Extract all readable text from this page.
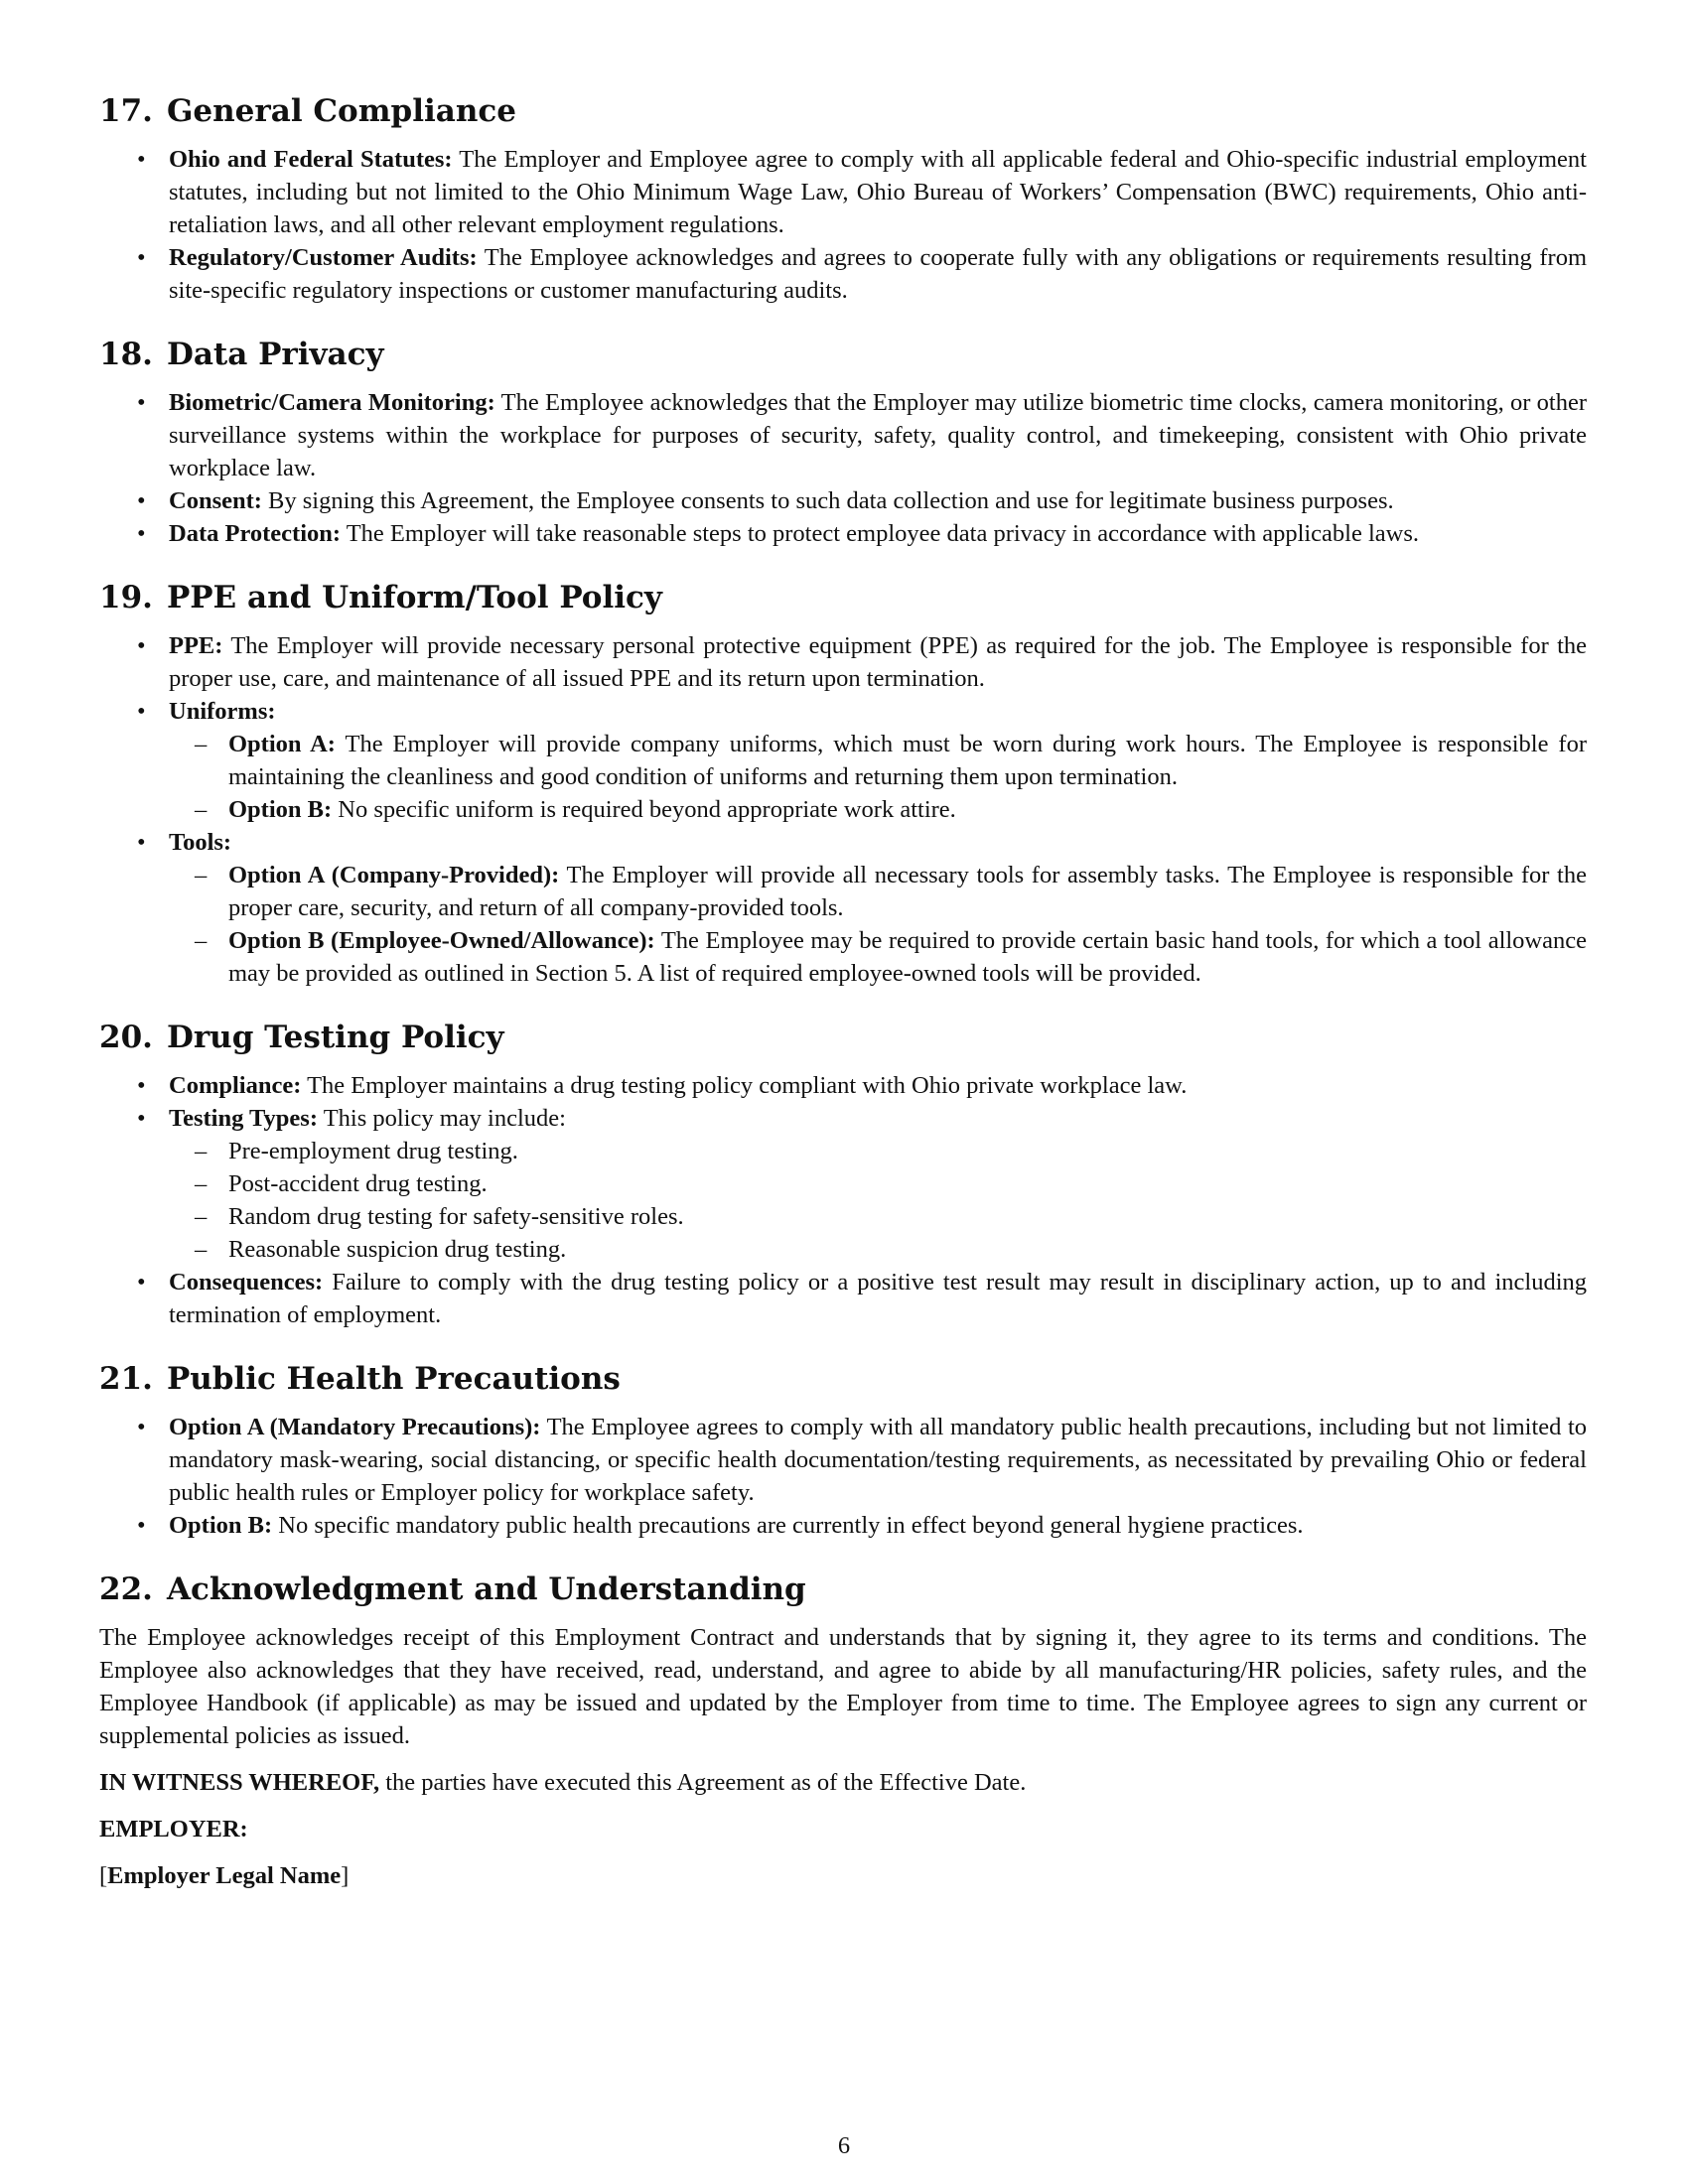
17. General Compliance
• Ohio and Federal Statutes: The Employer and Employee agree to comply with all applicable federal and Ohio-specific industrial employment statutes, including but not limited to the Ohio Minimum Wage Law, Ohio Bureau of Workers’ Compensation (BWC) requirements, Ohio anti-retaliation laws, and all other relevant employment regulations.
• Regulatory/Customer Audits: The Employee acknowledges and agrees to cooperate fully with any obligations or requirements resulting from site-specific regulatory inspections or customer manufacturing audits.
18. Data Privacy
• Biometric/Camera Monitoring: The Employee acknowledges that the Employer may utilize biometric time clocks, camera monitoring, or other surveillance systems within the workplace for purposes of security, safety, quality control, and timekeeping, consistent with Ohio private workplace law.
• Consent: By signing this Agreement, the Employee consents to such data collection and use for legitimate business purposes.
• Data Protection: The Employer will take reasonable steps to protect employee data privacy in accordance with applicable laws.
19. PPE and Uniform/Tool Policy
• PPE: The Employer will provide necessary personal protective equipment (PPE) as required for the job. The Employee is responsible for the proper use, care, and maintenance of all issued PPE and its return upon termination.
• Uniforms:
– Option A: The Employer will provide company uniforms, which must be worn during work hours. The Employee is responsible for maintaining the cleanliness and good condition of uniforms and returning them upon termination.
– Option B: No specific uniform is required beyond appropriate work attire.
• Tools:
– Option A (Company-Provided): The Employer will provide all necessary tools for assembly tasks. The Employee is responsible for the proper care, security, and return of all company-provided tools.
– Option B (Employee-Owned/Allowance): The Employee may be required to provide certain basic hand tools, for which a tool allowance may be provided as outlined in Section 5. A list of required employee-owned tools will be provided.
20. Drug Testing Policy
• Compliance: The Employer maintains a drug testing policy compliant with Ohio private workplace law.
• Testing Types: This policy may include:
– Pre-employment drug testing.
– Post-accident drug testing.
– Random drug testing for safety-sensitive roles.
– Reasonable suspicion drug testing.
• Consequences: Failure to comply with the drug testing policy or a positive test result may result in disciplinary action, up to and including termination of employment.
21. Public Health Precautions
• Option A (Mandatory Precautions): The Employee agrees to comply with all mandatory public health precautions, including but not limited to mandatory mask-wearing, social distancing, or specific health documentation/testing requirements, as necessitated by prevailing Ohio or federal public health rules or Employer policy for workplace safety.
• Option B: No specific mandatory public health precautions are currently in effect beyond general hygiene practices.
22. Acknowledgment and Understanding

The Employee acknowledges receipt of this Employment Contract and understands that by signing it, they agree to its terms and conditions. The Employee also acknowledges that they have received, read, understand, and agree to abide by all manufacturing/HR policies, safety rules, and the Employee Handbook (if applicable) as may be issued and updated by the Employer from time to time. The Employee agrees to sign any current or supplemental policies as issued.

IN WITNESS WHEREOF, the parties have executed this Agreement as of the Effective Date.

EMPLOYER:

[Employer Legal Name]

6
